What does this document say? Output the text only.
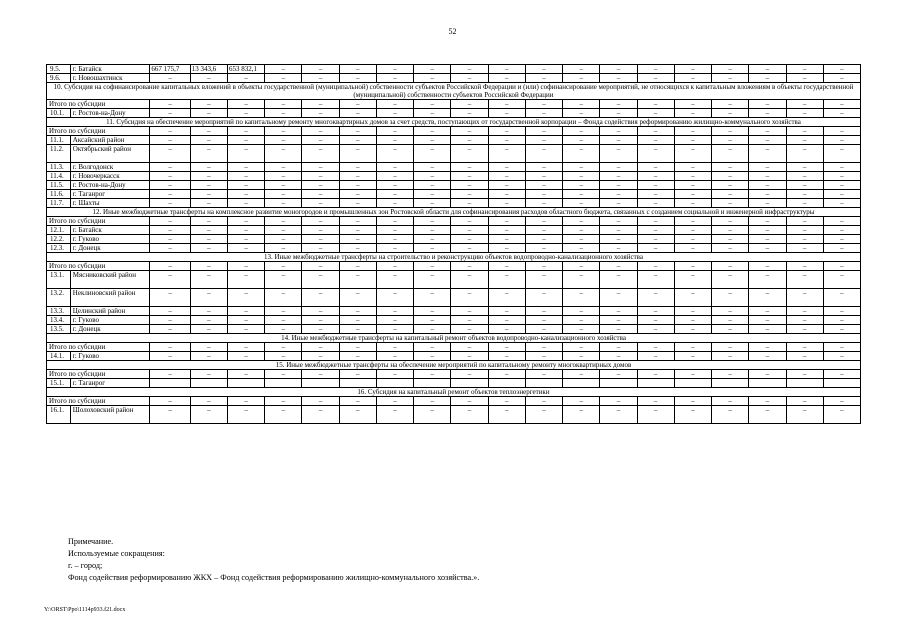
52
9.5.	г. Батайск	667 175,7	13 343,6	653 832,1	–	–	–	–	–	–	–	–	–	–	–	–	–	–	–	–
9.6.	г. Новошахтинск	–	–	–	–	–	–	–	–	–	–	–	–	–	–	–	–	–	–	–
10. Субсидия на софинансирование капитальных вложений в объекты государственной (муниципальной) собственности субъектов Российской Федерации и (или) софинансирование мероприятий, не относящихся к капитальным вложениям в объекты государственной (муниципальной) собственности субъектов Российской Федерации																				
Итого по субсидии		–	–	–	–	–	–	–	–	–	–	–	–	–	–	–	–	–	–	–
10.1.	г. Ростов-на-Дону	–	–	–	–	–	–	–	–	–	–	–	–	–	–	–	–	–	–	–
11. Субсидия на обеспечение мероприятий по капитальному ремонту многоквартирных домов за счет средств, поступающих от государственной корпорации – Фонда содействия реформированию жилищно-коммунального хозяйства																				
Итого по субсидии		–	–	–	–	–	–	–	–	–	–	–	–	–	–	–	–	–	–	–
11.1.	Аксайский район	–	–	–	–	–	–	–	–	–	–	–	–	–	–	–	–	–	–	–
11.2.	Октябрьский район	–	–	–	–	–	–	–	–	–	–	–	–	–	–	–	–	–	–	–
11.3.	г. Волгодонск	–	–	–	–	–	–	–	–	–	–	–	–	–	–	–	–	–	–	–
11.4.	г. Новочеркасск	–	–	–	–	–	–	–	–	–	–	–	–	–	–	–	–	–	–	–
11.5.	г. Ростов-на-Дону	–	–	–	–	–	–	–	–	–	–	–	–	–	–	–	–	–	–	–
11.6.	г. Таганрог	–	–	–	–	–	–	–	–	–	–	–	–	–	–	–	–	–	–	–
11.7.	г. Шахты	–	–	–	–	–	–	–	–	–	–	–	–	–	–	–	–	–	–	–
12. Иные межбюджетные трансферты на комплексное развитие моногородов и промышленных зон Ростовской области для софинансирования расходов областного бюджета, связанных с созданием социальной и инженерной инфраструктуры																				
Итого по субсидии		–	–	–	–	–	–	–	–	–	–	–	–	–	–	–	–	–	–	–
12.1.	г. Батайск	–	–	–	–	–	–	–	–	–	–	–	–	–	–	–	–	–	–	–
12.2.	г. Гуково	–	–	–	–	–	–	–	–	–	–	–	–	–	–	–	–	–	–	–
12.3.	г. Донецк	–	–	–	–	–	–	–	–	–	–	–	–	–	–	–	–	–	–	–
13. Иные межбюджетные трансферты на строительство и реконструкцию объектов водопроводно-канализационного хозяйства																				
Итого по субсидии		–	–	–	–	–	–	–	–	–	–	–	–	–	–	–	–	–	–	–
13.1.	Мясниковский район	–	–	–	–	–	–	–	–	–	–	–	–	–	–	–	–	–	–	–
13.2.	Неклиновский район	–	–	–	–	–	–	–	–	–	–	–	–	–	–	–	–	–	–	–
13.3.	Целинский район	–	–	–	–	–	–	–	–	–	–	–	–	–	–	–	–	–	–	–
13.4.	г. Гуково	–	–	–	–	–	–	–	–	–	–	–	–	–	–	–	–	–	–	–
13.5.	г. Донецк	–	–	–	–	–	–	–	–	–	–	–	–	–	–	–	–	–	–	–
14. Иные межбюджетные трансферты на капитальный ремонт объектов водопроводно-канализационного хозяйства																				
Итого по субсидии		–	–	–	–	–	–	–	–	–	–	–	–	–	–	–	–	–	–	–
14.1.	г. Гуково	–	–	–	–	–	–	–	–	–	–	–	–	–	–	–	–	–	–	–
15. Иные межбюджетные трансферты на обеспечение мероприятий по капитальному ремонту многоквартирных домов																				
Итого по субсидии		–	–	–	–	–	–	–	–	–	–	–	–	–	–	–	–	–	–	–
15.1.	г. Таганрог																			
16. Субсидия на капитальный ремонт объектов теплоэнергетики																				
Итого по субсидии		–	–	–	–	–	–	–	–	–	–	–	–	–	–	–	–	–	–	–
16.1.	Шолоховский район	–	–	–	–	–	–	–	–	–	–	–	–	–	–	–	–	–	–	–
Примечание.
Используемые сокращения:
г. – город;
Фонд содействия реформированию ЖКХ – Фонд содействия реформированию жилищно-коммунального хозяйства.».
Y:\ORST\Ppo\1114p933.f21.docx
